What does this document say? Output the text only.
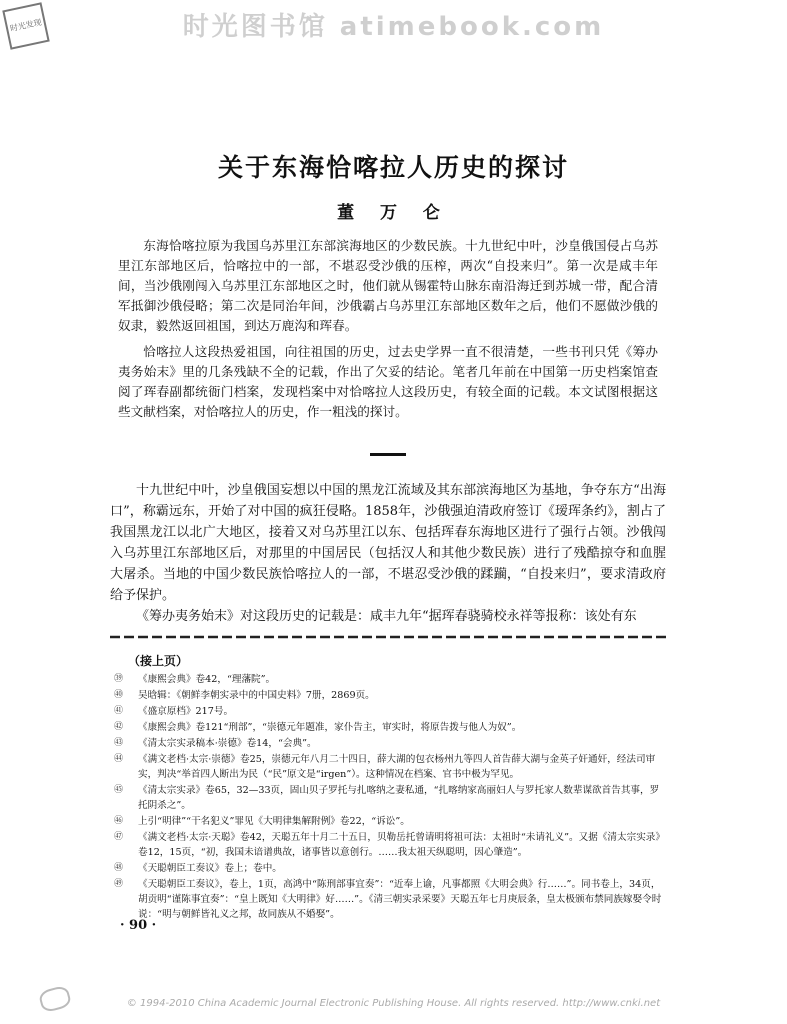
时光图书馆 atimebook.com
时光发现
关于东海恰喀拉人历史的探讨
董 万 仑

东海恰喀拉原为我国乌苏里江东部滨海地区的少数民族。十九世纪中叶，沙皇俄国侵占乌苏里江东部地区后，恰喀拉中的一部，不堪忍受沙俄的压榨，两次“自投来归”。第一次是咸丰年间，当沙俄刚闯入乌苏里江东部地区之时，他们就从锡霍特山脉东南沿海迁到苏城一带，配合清军抵御沙俄侵略；第二次是同治年间，沙俄霸占乌苏里江东部地区数年之后，他们不愿做沙俄的奴隶，毅然返回祖国，到达万鹿沟和珲春。

恰喀拉人这段热爱祖国，向往祖国的历史，过去史学界一直不很清楚，一些书刊只凭《筹办夷务始末》里的几条残缺不全的记载，作出了欠妥的结论。笔者几年前在中国第一历史档案馆查阅了珲春副都统衙门档案，发现档案中对恰喀拉人这段历史，有较全面的记载。本文试图根据这些文献档案，对恰喀拉人的历史，作一粗浅的探讨。

十九世纪中叶，沙皇俄国妄想以中国的黑龙江流域及其东部滨海地区为基地，争夺东方“出海口”，称霸远东，开始了对中国的疯狂侵略。1858年，沙俄强迫清政府签订《瑷珲条约》，割占了我国黑龙江以北广大地区，接着又对乌苏里江以东、包括珲春东海地区进行了强行占领。沙俄闯入乌苏里江东部地区后，对那里的中国居民（包括汉人和其他少数民族）进行了残酷掠夺和血腥大屠杀。当地的中国少数民族恰喀拉人的一部，不堪忍受沙俄的蹂躏，“自投来归”，要求清政府给予保护。

《筹办夷务始末》对这段历史的记载是：咸丰九年“据珲春骁骑校永祥等报称：该处有东

（接上页）
㊴	《康熙会典》卷42，“理藩院”。
㊵	吴晗辑：《朝鲜李朝实录中的中国史料》7册，2869页。
㊶	《盛京原档》217号。
㊷	《康熙会典》卷121“刑部”，“崇德元年题准，家仆告主，审实时，将原告拨与他人为奴”。
㊸	《清太宗实录稿本·崇德》卷14，“会典”。
㊹	《满文老档·太宗·崇德》卷25，崇德元年八月二十四日，薛大湖的包衣杨州九等四人首告薛大湖与金英子奸通奸，经法司审实，判决“举首四人断出为民（“民”原文是“irgen”）。这种情况在档案、官书中极为罕见。
㊺	《清太宗实录》卷65，32—33页，固山贝子罗托与扎喀纳之妻私通，“扎喀纳家高丽妇人与罗托家人数辈谋欲首告其事，罗托阴杀之”。
㊻	上引“明律”“干名犯义”罪见《大明律集解附例》卷22，“诉讼”。
㊼	《满文老档·太宗·天聪》卷42，天聪五年十月二十五日，贝勒岳托曾请明将祖可法：太祖时“未请礼义”。又据《清太宗实录》卷12，15页，“初，我国未谙谱典故，诸事皆以意创行。……我太祖天纵聪明，因心肇造”。
㊽	《天聪朝臣工奏议》卷上；卷中。
㊾	《天聪朝臣工奏议》，卷上，1页，高鸿中“陈刑部事宜奏”：“近奉上谕，凡事都照《大明会典》行……”。同书卷上，34页，胡贡明“谨陈事宜奏”：“皇上既知《大明律》好……”。《清三朝实录采要》天聪五年七月庚辰条，皇太极颁布禁同族嫁娶令时说：“明与朝鲜皆礼义之邦，故同族从不婚娶”。
· 90 ·
© 1994-2010 China Academic Journal Electronic Publishing House. All rights reserved. http://www.cnki.net
